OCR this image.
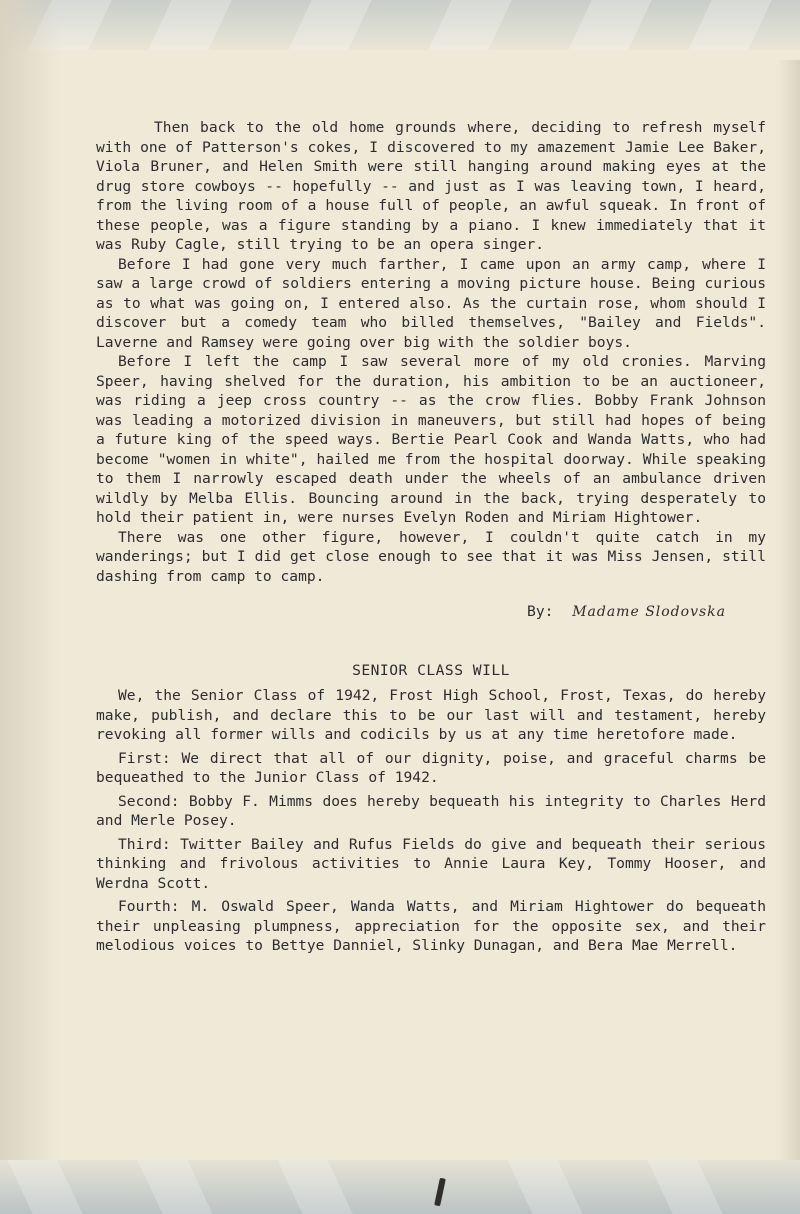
Then back to the old home grounds where, deciding to refresh myself with one of Patterson's cokes, I discovered to my amazement Jamie Lee Baker, Viola Bruner, and Helen Smith were still hanging around making eyes at the drug store cowboys -- hopefully -- and just as I was leaving town, I heard, from the living room of a house full of people, an awful squeak. In front of these people, was a figure standing by a piano. I knew immediately that it was Ruby Cagle, still trying to be an opera singer.

Before I had gone very much farther, I came upon an army camp, where I saw a large crowd of soldiers entering a moving picture house. Being curious as to what was going on, I entered also. As the curtain rose, whom should I discover but a comedy team who billed themselves, "Bailey and Fields". Laverne and Ramsey were going over big with the soldier boys.

Before I left the camp I saw several more of my old cronies. Marving Speer, having shelved for the duration, his ambition to be an auctioneer, was riding a jeep cross country -- as the crow flies. Bobby Frank Johnson was leading a motorized division in maneuvers, but still had hopes of being a future king of the speed ways. Bertie Pearl Cook and Wanda Watts, who had become "women in white", hailed me from the hospital doorway. While speaking to them I narrowly escaped death under the wheels of an ambulance driven wildly by Melba Ellis. Bouncing around in the back, trying desperately to hold their patient in, were nurses Evelyn Roden and Miriam Hightower.

There was one other figure, however, I couldn't quite catch in my wanderings; but I did get close enough to see that it was Miss Jensen, still dashing from camp to camp.

By: Madame Slodovska
SENIOR CLASS WILL

We, the Senior Class of 1942, Frost High School, Frost, Texas, do hereby make, publish, and declare this to be our last will and testament, hereby revoking all former wills and codicils by us at any time heretofore made.

First: We direct that all of our dignity, poise, and graceful charms be bequeathed to the Junior Class of 1942.

Second: Bobby F. Mimms does hereby bequeath his integrity to Charles Herd and Merle Posey.

Third: Twitter Bailey and Rufus Fields do give and bequeath their serious thinking and frivolous activities to Annie Laura Key, Tommy Hooser, and Werdna Scott.

Fourth: M. Oswald Speer, Wanda Watts, and Miriam Hightower do bequeath their unpleasing plumpness, appreciation for the opposite sex, and their melodious voices to Bettye Danniel, Slinky Dunagan, and Bera Mae Merrell.
